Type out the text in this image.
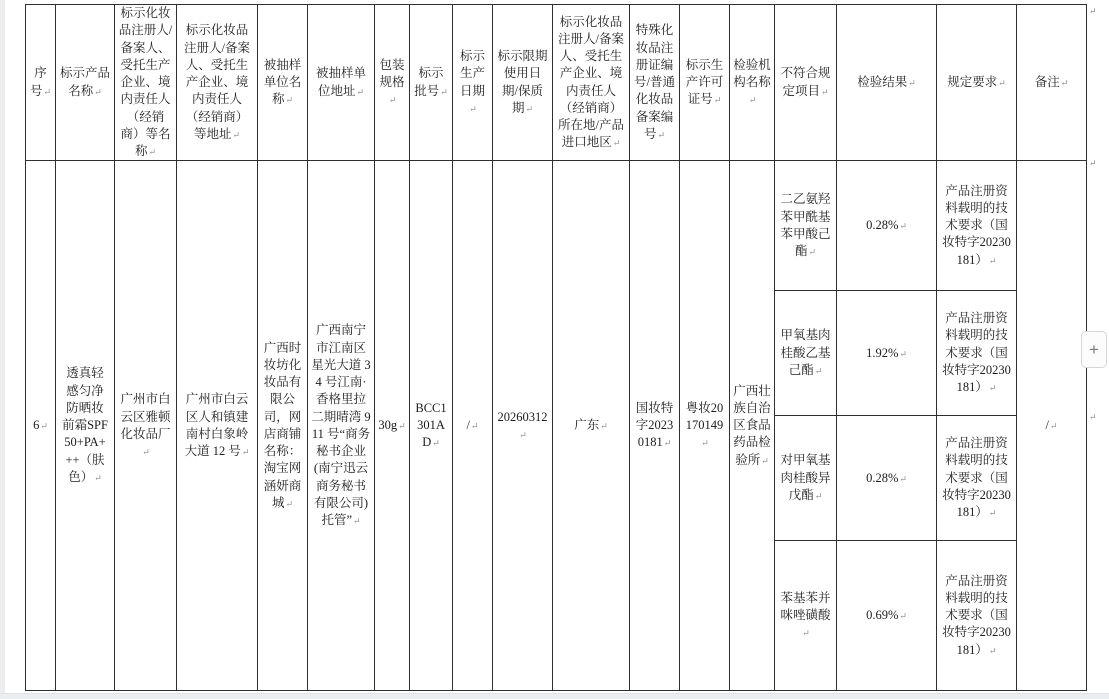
序号 ↵	标示产品名称 ↵	标示化妆品注册人/备案人、受托生产企业、境内责任人（经销商）等名称 ↵	标示化妆品注册人/备案人、受托生产企业、境内责任人（经销商）等地址 ↵	被抽样单位名称 ↵	被抽样单位地址 ↵	包装规格 ↵	标示批号 ↵	标示生产日期 ↵	标示限期使用日期/保质期 ↵	标示化妆品注册人/备案人、受托生产企业、境内责任人（经销商）所在地/产品进口地区 ↵	特殊化妆品注册证编号/普通化妆品备案编号 ↵	标示生产许可证号 ↵	检验机构名称 ↵	不符合规定项目 ↵	检验结果 ↵	规定要求 ↵	备注 ↵
6 ↵	透真轻感匀净防晒妆前霜SPF50+PA+++（肤色） ↵	广州市白云区雅顿化妆品厂 ↵	广州市白云区人和镇建南村白象岭大道 12 号 ↵	广西时妆坊化妆品有限公司，网店商铺名称：淘宝网涵妍商城 ↵	广西南宁市江南区星光大道 34 号江南·香格里拉二期晴湾 911 号“商务秘书企业(南宁迅云商务秘书有限公司)托管” ↵	30g ↵	BCC1301AD ↵	/ ↵	20260312 ↵	广东 ↵	国妆特字20230181 ↵	粤妆20170149 ↵	广西壮族自治区食品药品检验所 ↵	二乙氨羟苯甲酰基苯甲酸己酯 ↵	0.28% ↵	产品注册资料载明的技术要求（国妆特字20230181） ↵	/ ↵
														甲氧基肉桂酸乙基己酯 ↵	1.92% ↵	产品注册资料载明的技术要求（国妆特字20230181） ↵
														对甲氧基肉桂酸异戊酯 ↵	0.28% ↵	产品注册资料载明的技术要求（国妆特字20230181） ↵
														苯基苯并咪唑磺酸 ↵	0.69% ↵	产品注册资料载明的技术要求（国妆特字20230181） ↵
↵
↵
↵
+
